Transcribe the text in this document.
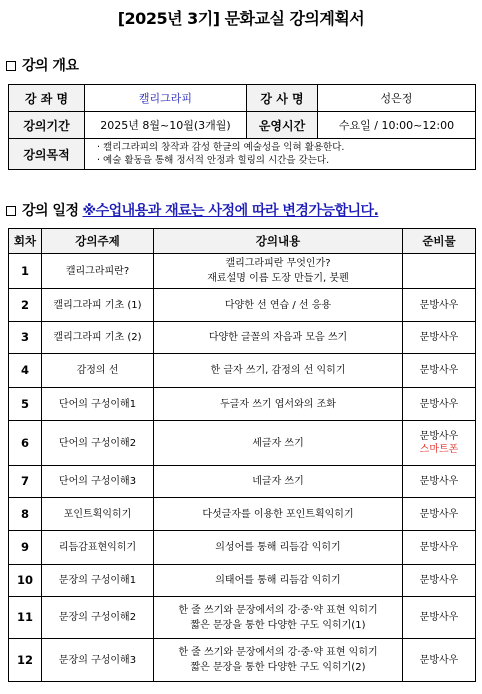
[2025년 3기] 문화교실 강의계획서
강의 개요
강 좌 명	캘리그라피	강 사 명	성은정
강의기간	2025년 8월~10월(3개월)	운영시간	수요일 / 10:00~12:00
강의목적	· 캘리그라피의 창작과 감성 한글의 예술성을 익혀 활용한다.
· 예술 활동을 통해 정서적 안정과 힐링의 시간을 갖는다.		
강의 일정 ※수업내용과 재료는 사정에 따라 변경가능합니다.
회차	강의주제	강의내용	준비물
1	캘리그라피란?	캘리그라피란 무엇인가?
재료설명 이름 도장 만들기, 붓펜	

2	캘리그라피 기초 (1)	다양한 선 연습 / 선 응용	문방사우

3	캘리그라피 기초 (2)	다양한 글꼴의 자음과 모음 쓰기	문방사우

4	감정의 선	한 글자 쓰기, 감정의 선 익히기	문방사우

5	단어의 구성이해1	두글자 쓰기 엽서와의 조화	문방사우

6	단어의 구성이해2	세글자 쓰기	문방사우
스마트폰

7	단어의 구성이해3	네글자 쓰기	문방사우

8	포인트획익히기	다섯글자를 이용한 포인트획익히기	문방사우

9	리듬감표현익히기	의성어를 통해 리듬감 익히기	문방사우

10	문장의 구성이해1	의태어를 통해 리듬감 익히기	문방사우

11	문장의 구성이해2	한 줄 쓰기와 문장에서의 강·중·약 표현 익히기
짧은 문장을 통한 다양한 구도 익히기(1)	문방사우

12	문장의 구성이해3	한 줄 쓰기와 문장에서의 강·중·약 표현 익히기
짧은 문장을 통한 다양한 구도 익히기(2)	문방사우
